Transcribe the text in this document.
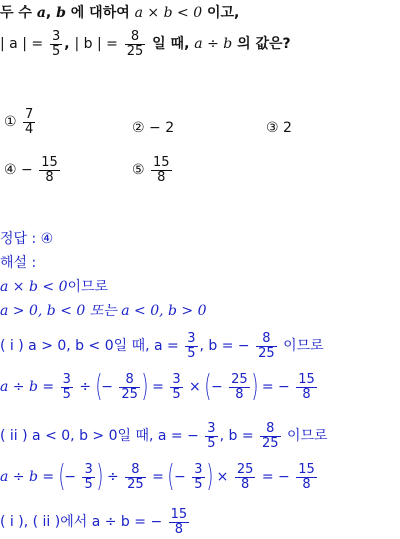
두 수 a, b 에 대하여 a × b < 0 이고,
| a | = $\frac{3}{5}$ , | b | = $\frac{8}{25}$ 일 때, a ÷ b 의 값은?
① $\frac{7}{4}$	② − 2	③ 2
④ − $\frac{15}{8}$	⑤ $\frac{15}{8}$
정답 : ④
해설 :
a × b < 0이므로
a > 0, b < 0 또는 a < 0, b > 0
( i ) a > 0, b < 0일 때, $a = \frac{3}{5}$ , b = − $\frac{8}{25}$ 이므로
$a \div b = \frac{3}{5}$ ÷ (− $\frac{8}{25}$ ) = $\frac{3}{5}$ × (− $\frac{25}{8}$ ) = − $\frac{15}{8}$
( ii ) a < 0, b > 0일 때, a = − $\frac{3}{5}$ , $b = \frac{8}{25}$ 이므로
a ÷ b = (− $\frac{3}{5}$ ) ÷ $\frac{8}{25}$ = (− $\frac{3}{5}$ ) × $\frac{25}{8}$ = − $\frac{15}{8}$
( i ), ( ii )에서 a ÷ b = − $\frac{15}{8}$
